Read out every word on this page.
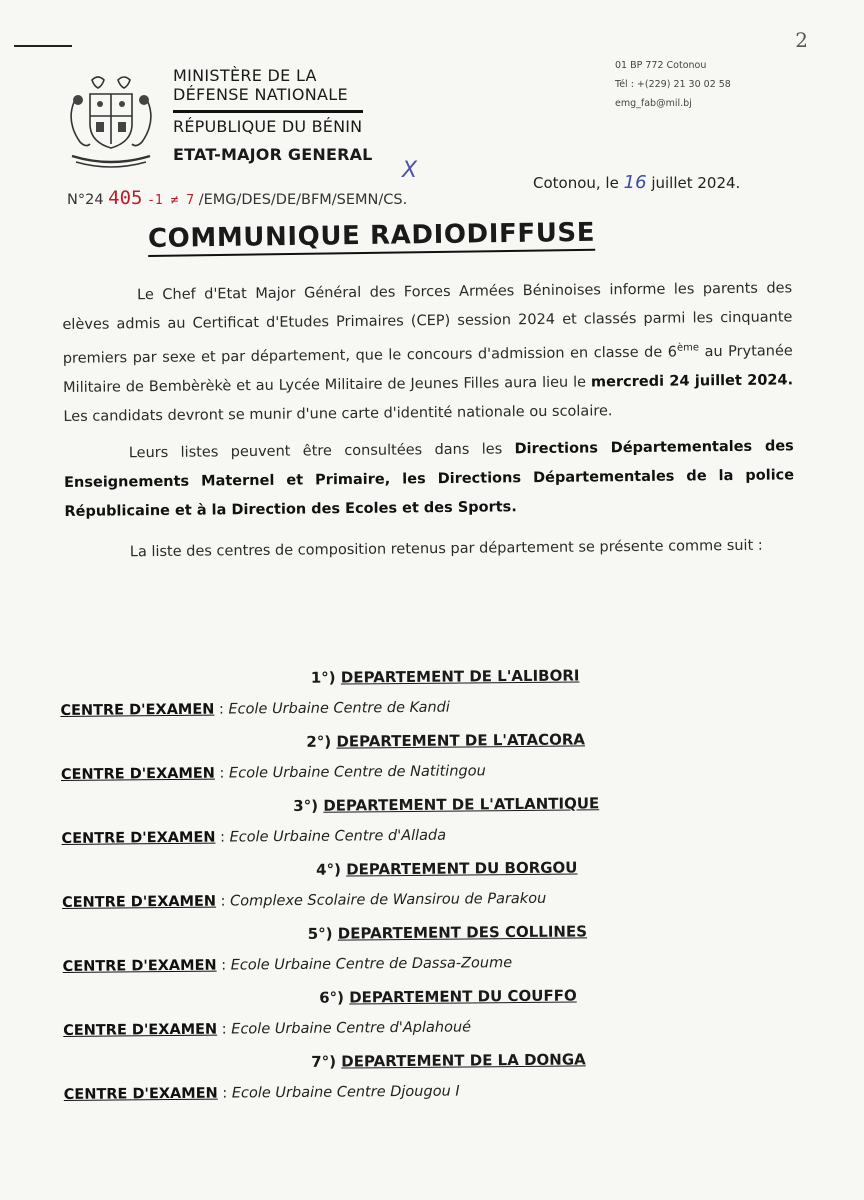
2
MINISTÈRE DE LA
DÉFENSE NATIONALE
RÉPUBLIQUE DU BÉNIN
ETAT-MAJOR GENERAL
01 BP 772 Cotonou
Tél : +(229) 21 30 02 58
emg_fab@mil.bj
X
N°24 405 -1 ≠ 7 /EMG/DES/DE/BFM/SEMN/CS.
Cotonou, le 16 juillet 2024.
COMMUNIQUE RADIODIFFUSE

Le Chef d'Etat Major Général des Forces Armées Béninoises informe les parents des elèves admis au Certificat d'Etudes Primaires (CEP) session 2024 et classés parmi les cinquante premiers par sexe et par département, que le concours d'admission en classe de 6ème au Prytanée Militaire de Bembèrèkè et au Lycée Militaire de Jeunes Filles aura lieu le mercredi 24 juillet 2024. Les candidats devront se munir d'une carte d'identité nationale ou scolaire.

Leurs listes peuvent être consultées dans les Directions Départementales des Enseignements Maternel et Primaire, les Directions Départementales de la police Républicaine et à la Direction des Ecoles et des Sports.

La liste des centres de composition retenus par département se présente comme suit :

1°) DEPARTEMENT DE L'ALIBORI
CENTRE D'EXAMEN : Ecole Urbaine Centre de Kandi
2°) DEPARTEMENT DE L'ATACORA
CENTRE D'EXAMEN : Ecole Urbaine Centre de Natitingou
3°) DEPARTEMENT DE L'ATLANTIQUE
CENTRE D'EXAMEN : Ecole Urbaine Centre d'Allada
4°) DEPARTEMENT DU BORGOU
CENTRE D'EXAMEN : Complexe Scolaire de Wansirou de Parakou
5°) DEPARTEMENT DES COLLINES
CENTRE D'EXAMEN : Ecole Urbaine Centre de Dassa-Zoume
6°) DEPARTEMENT DU COUFFO
CENTRE D'EXAMEN : Ecole Urbaine Centre d'Aplahoué
7°) DEPARTEMENT DE LA DONGA
CENTRE D'EXAMEN : Ecole Urbaine Centre Djougou I
